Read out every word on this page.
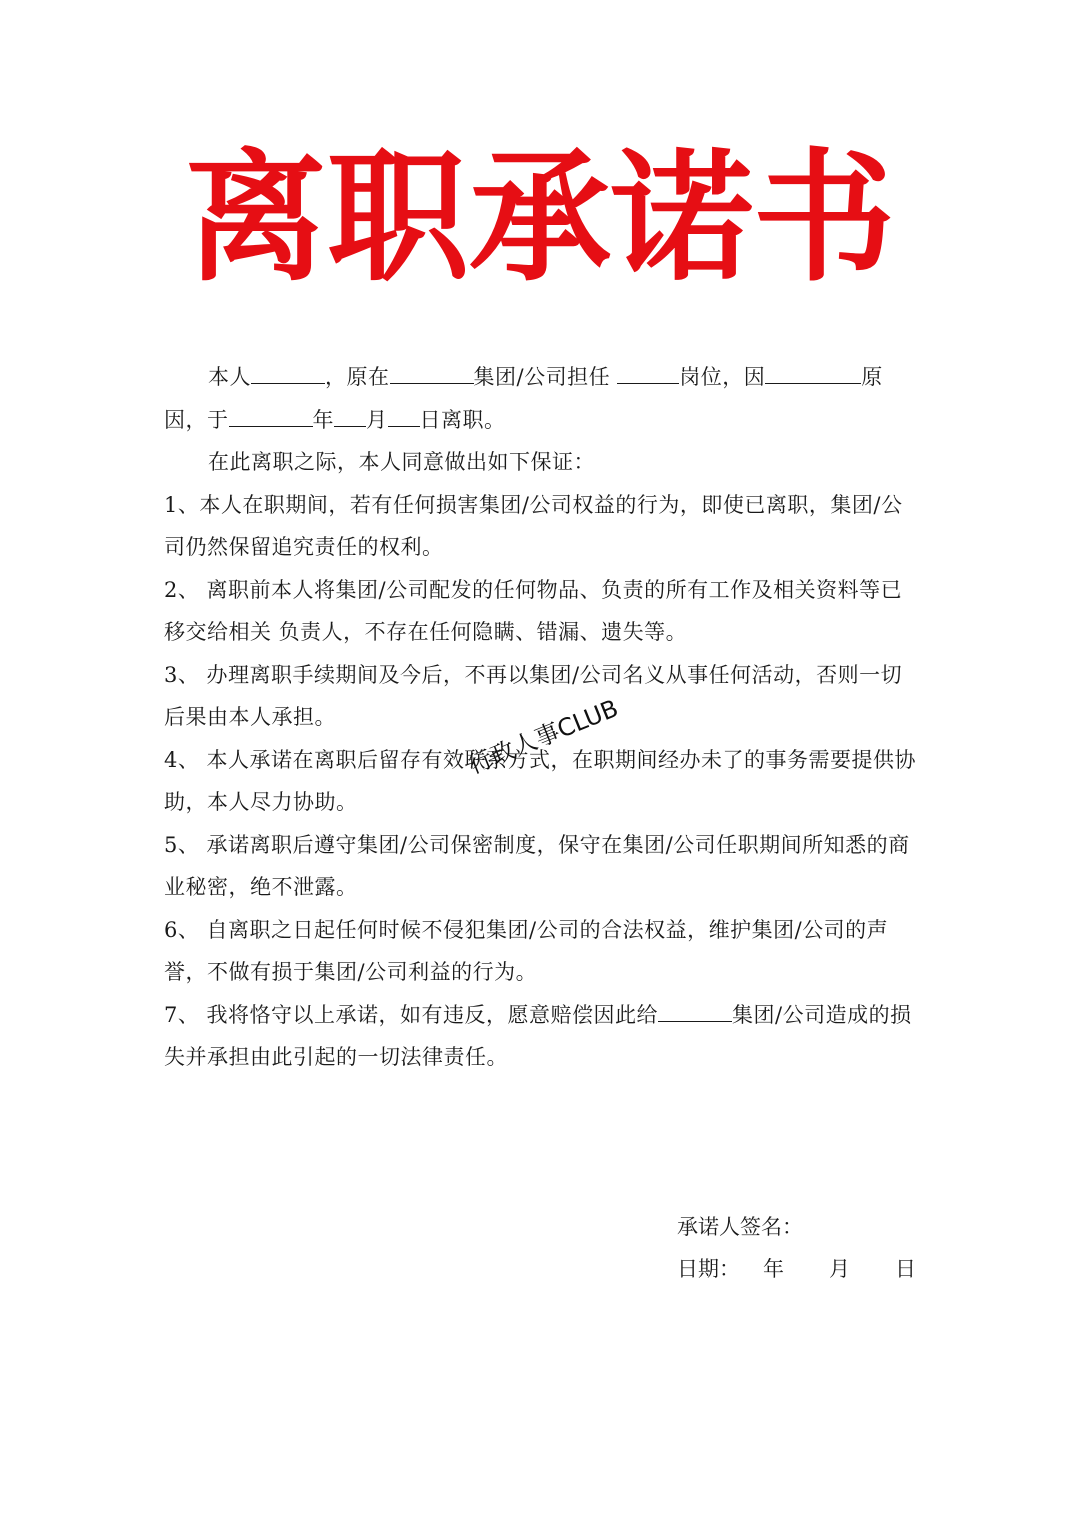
离职承诺书

本人	，原在	集团/公司担任	岗位，因	原

因，于	年 月 日离职。

在此离职之际，本人同意做出如下保证：

1、本人在职期间，若有任何损害集团/公司权益的行为，即使已离职，集团/公

司仍然保留追究责任的权利。

2、 离职前本人将集团/公司配发的任何物品、负责的所有工作及相关资料等已

移交给相关 负责人，不存在任何隐瞒、错漏、遗失等。

3、 办理离职手续期间及今后，不再以集团/公司名义从事任何活动，否则一切

后果由本人承担。

4、 本人承诺在离职后留存有效联系方式，在职期间经办未了的事务需要提供协

助，本人尽力协助。

5、 承诺离职后遵守集团/公司保密制度，保守在集团/公司任职期间所知悉的商

业秘密，绝不泄露。

6、 自离职之日起任何时候不侵犯集团/公司的合法权益，维护集团/公司的声

誉，不做有损于集团/公司利益的行为。

7、 我将恪守以上承诺，如有违反，愿意赔偿因此给	集团/公司造成的损

失并承担由此引起的一切法律责任。

行政人事CLUB
承诺人签名：
日期： 年 月 日
